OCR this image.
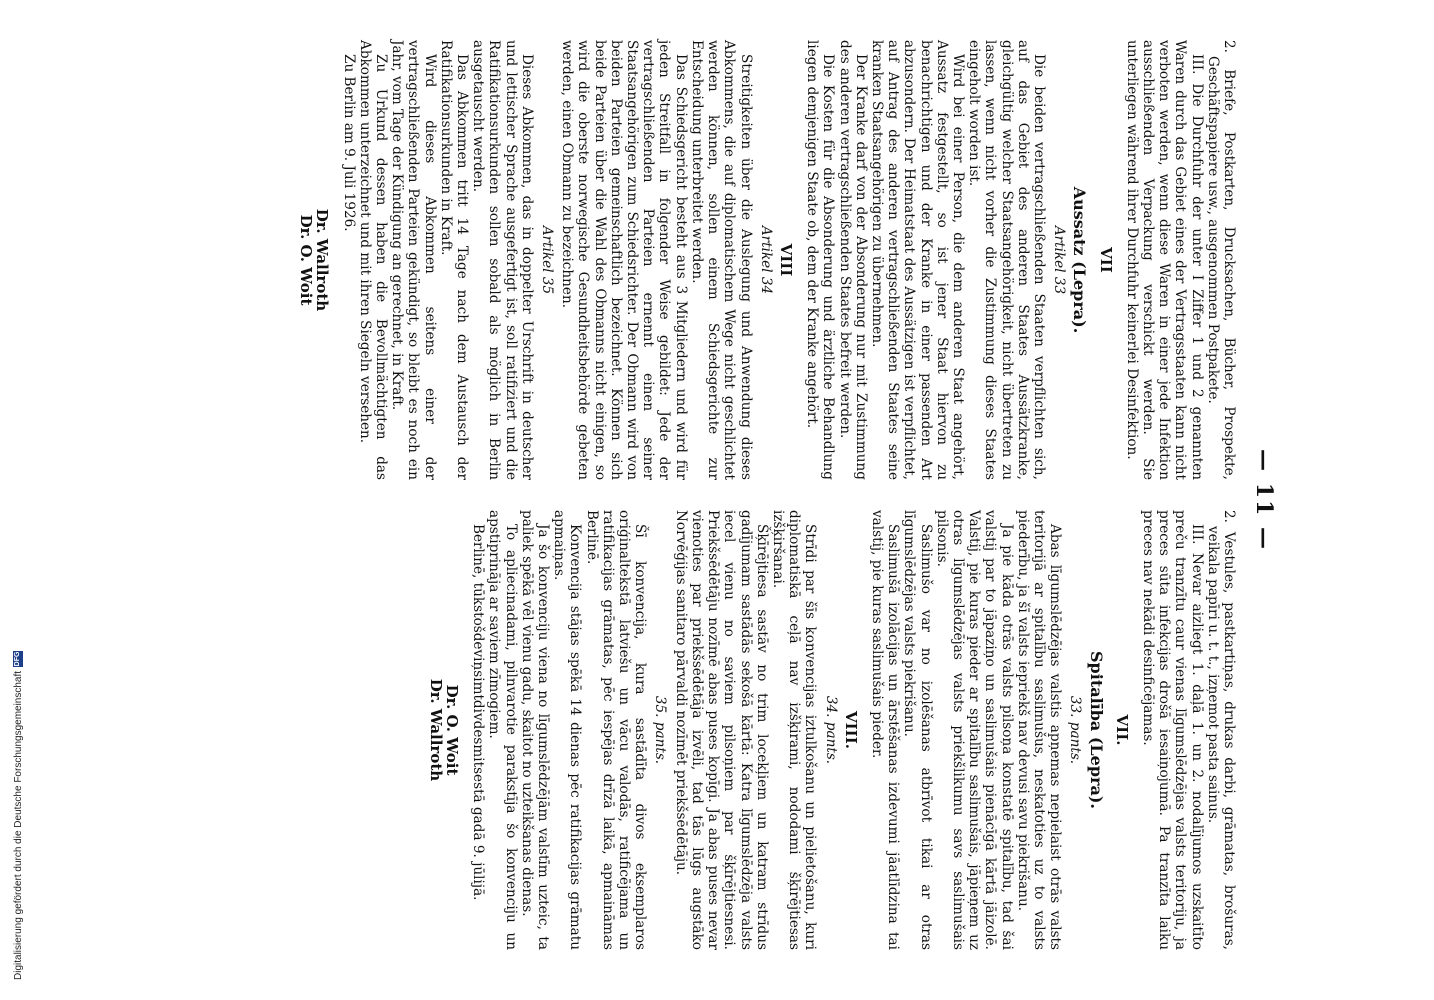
— 11 —

2. Briefe, Postkarten, Drucksachen, Bücher, Prospekte, Geschäftspapiere usw., ausgenommen Postpakete.

III. Die Durchfuhr der unter I Ziffer 1 und 2 genannten Waren durch das Gebiet eines der Vertragsstaaten kann nicht verboten werden, wenn diese Waren in einer jede Infektion ausschließenden Verpackung verschickt werden. Sie unterliegen während ihrer Durchfuhr keinerlei Desinfektion.

VII
Aussatz (Lepra).
Artikel 33

Die beiden vertragschließenden Staaten verpflichten sich, auf das Gebiet des anderen Staates Aussätzkranke, gleichgültig welcher Staatsangehörigkeit, nicht übertreten zu lassen, wenn nicht vorher die Zustimmung dieses Staates eingeholt worden ist.

Wird bei einer Person, die dem anderen Staat angehört, Aussatz festgestellt, so ist jener Staat hiervon zu benachrichtigen und der Kranke in einer passenden Art abzusondern. Der Heimatstaat des Aussätzigen ist verpflichtet, auf Antrag des anderen vertragschließenden Staates seine kranken Staatsangehörigen zu übernehmen.

Der Kranke darf von der Absonderung nur mit Zustimmung des anderen vertragschließenden Staates befreit werden.

Die Kosten für die Absonderung und ärztliche Behandlung liegen demjenigen Staate ob, dem der Kranke angehört.

VIII
Artikel 34

Streitigkeiten über die Auslegung und Anwendung dieses Abkommens, die auf diplomatischem Wege nicht geschlichtet werden können, sollen einem Schiedsgerichte zur Entscheidung unterbreitet werden.

Das Schiedsgericht besteht aus 3 Mitgliedern und wird für jeden Streitfall in folgender Weise gebildet: Jede der vertragschließenden Parteien ernennt einen seiner Staatsangehörigen zum Schiedsrichter. Der Obmann wird von beiden Parteien gemeinschaftlich bezeichnet. Können sich beide Parteien über die Wahl des Obmanns nicht einigen, so wird die oberste norwegische Gesundheitsbehörde gebeten werden, einen Obmann zu bezeichnen.

Artikel 35

Dieses Abkommen, das in doppelter Urschrift in deutscher und lettischer Sprache ausgefertigt ist, soll ratifiziert und die Ratifikationsurkunden sollen sobald als möglich in Berlin ausgetauscht werden.

Das Abkommen tritt 14 Tage nach dem Austausch der Ratifikationsurkunden in Kraft.

Wird dieses Abkommen seitens einer der vertragschließenden Parteien gekündigt, so bleibt es noch ein Jahr, vom Tage der Kündigung an gerechnet, in Kraft.

Zu Urkund dessen haben die Bevollmächtigten das Abkommen unterzeichnet und mit ihren Siegeln versehen.

Zu Berlin am 9. Juli 1926.

Dr. Wallroth
Dr. O. Woit

2. Vestules, pastkartiņas, drukas darbi, grāmatas, brošuras, veikala papīri u. t. t., izņemot pasta sainus.

III. Nevar aizliegt 1. daļā 1. un 2. nodalījumos uzskaitīto preču tranzītu caur vienas līgumslēdzējas valsts teritoriju, ja preces sūta infekcijas drošā iesaiņojumā. Pa tranzīta laiku preces nav nekādi desinficējamas.

VII.
Spitalība (Lepra).
33. pants.

Abas līgumslēdzējas valstis apņemas nepielaist otrās valsts teritorijā ar spitalību saslimušus, neskatoties uz to valsts piederību, ja šī valsts iepriekš nav devusi savu piekrišanu.

Ja pie kāda otrās valsts pilsoņa konstatē spitalību, tad šai valstij par to jāpaziņo un saslimušais pienācīgā kārtā jāizolē. Valstij, pie kuras pieder ar spitalību saslimušais, jāpieņem uz otras līgumslēdzējas valsts priekšlikumu savs saslimušais pilsonis.

Saslimušo var no izolēšanas atbrīvot tikai ar otras līgumslēdzējas valsts piekrišanu.

Saslimušā izolācijas un ārstēšanas izdevumi jāatlīdzina tai valstij, pie kuras saslimušais pieder.

VIII.
34. pants.

Strīdi par šīs konvencijas iztulkošanu un pielietošanu, kuri diplomatiskā ceļā nav izšķirami, nododami šķīrējtiesas izšķiršanai.

Šķīrējtiesa sastāv no trim locekļiem un katram strīdus gadījumam sastādās sekošā kārtā: Katra līgumslēdzēja valsts iecel vienu no saviem pilsoņiem par šķīrējtiesnesi. Priekšsēdētāju nozīmē abas puses kopīgi. Ja abas puses nevar vienoties par priekšsēdētāja izvēli, tad tās lūgs augstāko Norvēģijas sanitaro pārvaldi nozīmēt priekšsēdētāju.

35. pants.

Šī konvencija, kura sastādīta divos eksemplaros oriģinaltekstā latviešu un vācu valodās, ratificējama un ratifikacijas grāmatas, pēc iespējas drīzā laikā, apmaināmas Berlinē.

Konvencija stājas spēkā 14 dienas pēc ratifikacijas grāmatu apmaiņas.

Ja šo konvenciju viena no līgumslēdzējām valstīm uzteic, ta paliek spēkā vēl vienu gadu, skaitot no uzteikšanas dienas.

To apliecinadami, pilnvarotie parakstīja šo konvenciju un apstiprināja ar saviem zīmogiem.

Berlinē, tūkstošdeviņsimtdivdesmitsestā gadā 9. jūlijā.

Dr. O. Woit
Dr. Wallroth
Digitalisierung gefördert durch die Deutsche Forschungsgemeinschaft
DFG
